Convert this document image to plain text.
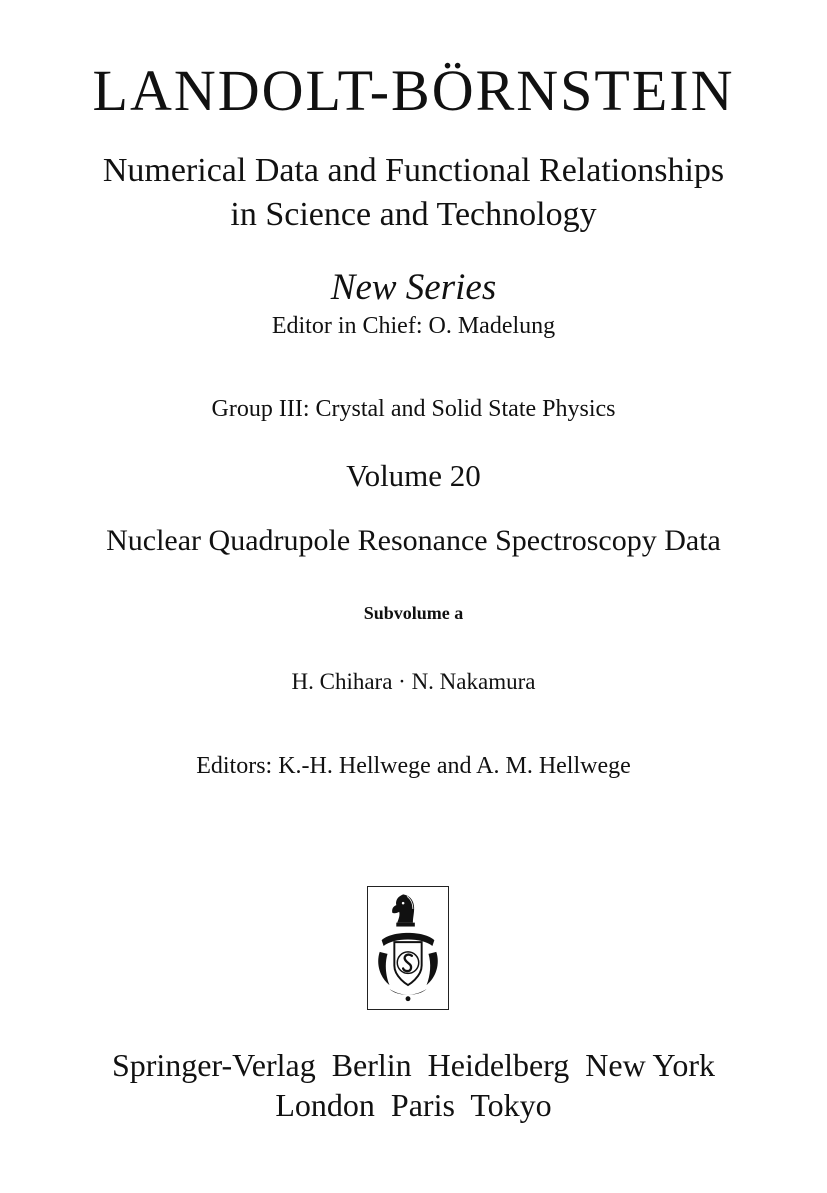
LANDOLT-BÖRNSTEIN
Numerical Data and Functional Relationships
in Science and Technology
New Series
Editor in Chief: O. Madelung
Group III: Crystal and Solid State Physics
Volume 20
Nuclear Quadrupole Resonance Spectroscopy Data
Subvolume a
H. Chihara · N. Nakamura
Editors: K.-H. Hellwege and A. M. Hellwege
Springer-Verlag  Berlin  Heidelberg  New York
London  Paris  Tokyo
